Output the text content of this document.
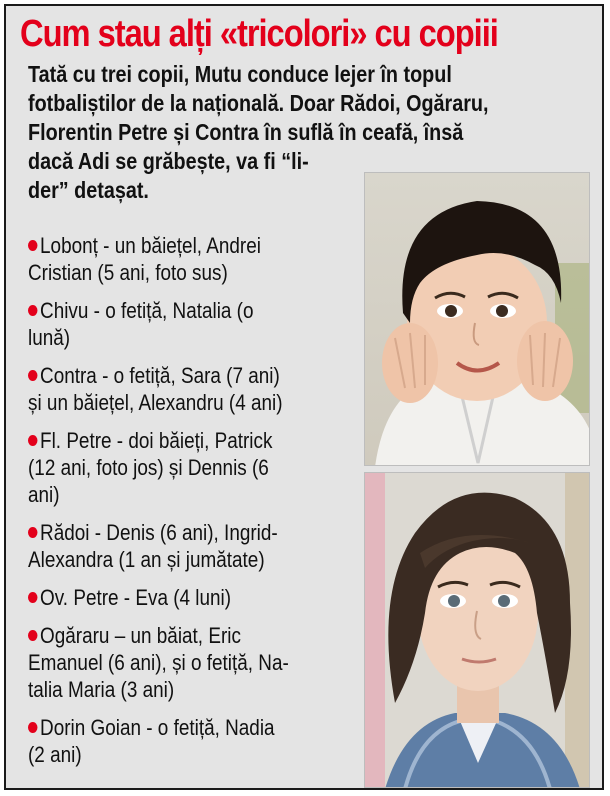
Cum stau alți «tricolori» cu copiii

Tată cu trei copii, Mutu conduce lejer în topul
fotbaliștilor de la națională. Doar Rădoi, Ogăraru,
Florentin Petre și Contra în suflă în ceafă, însă
dacă Adi se grăbește, va fi “li-
der” detașat.

Lobonț - un băiețel, Andrei
Cristian (5 ani, foto sus)
Chivu - o fetiță, Natalia (o
lună)
Contra - o fetiță, Sara (7 ani)
și un băiețel, Alexandru (4 ani)
Fl. Petre - doi băieți, Patrick
(12 ani, foto jos) și Dennis (6
ani)
Rădoi - Denis (6 ani), Ingrid-
Alexandra (1 an și jumătate)
Ov. Petre - Eva (4 luni)
Ogăraru – un băiat, Eric
Emanuel (6 ani), și o fetiță, Na-
talia Maria (3 ani)
Dorin Goian - o fetiță, Nadia
(2 ani)
